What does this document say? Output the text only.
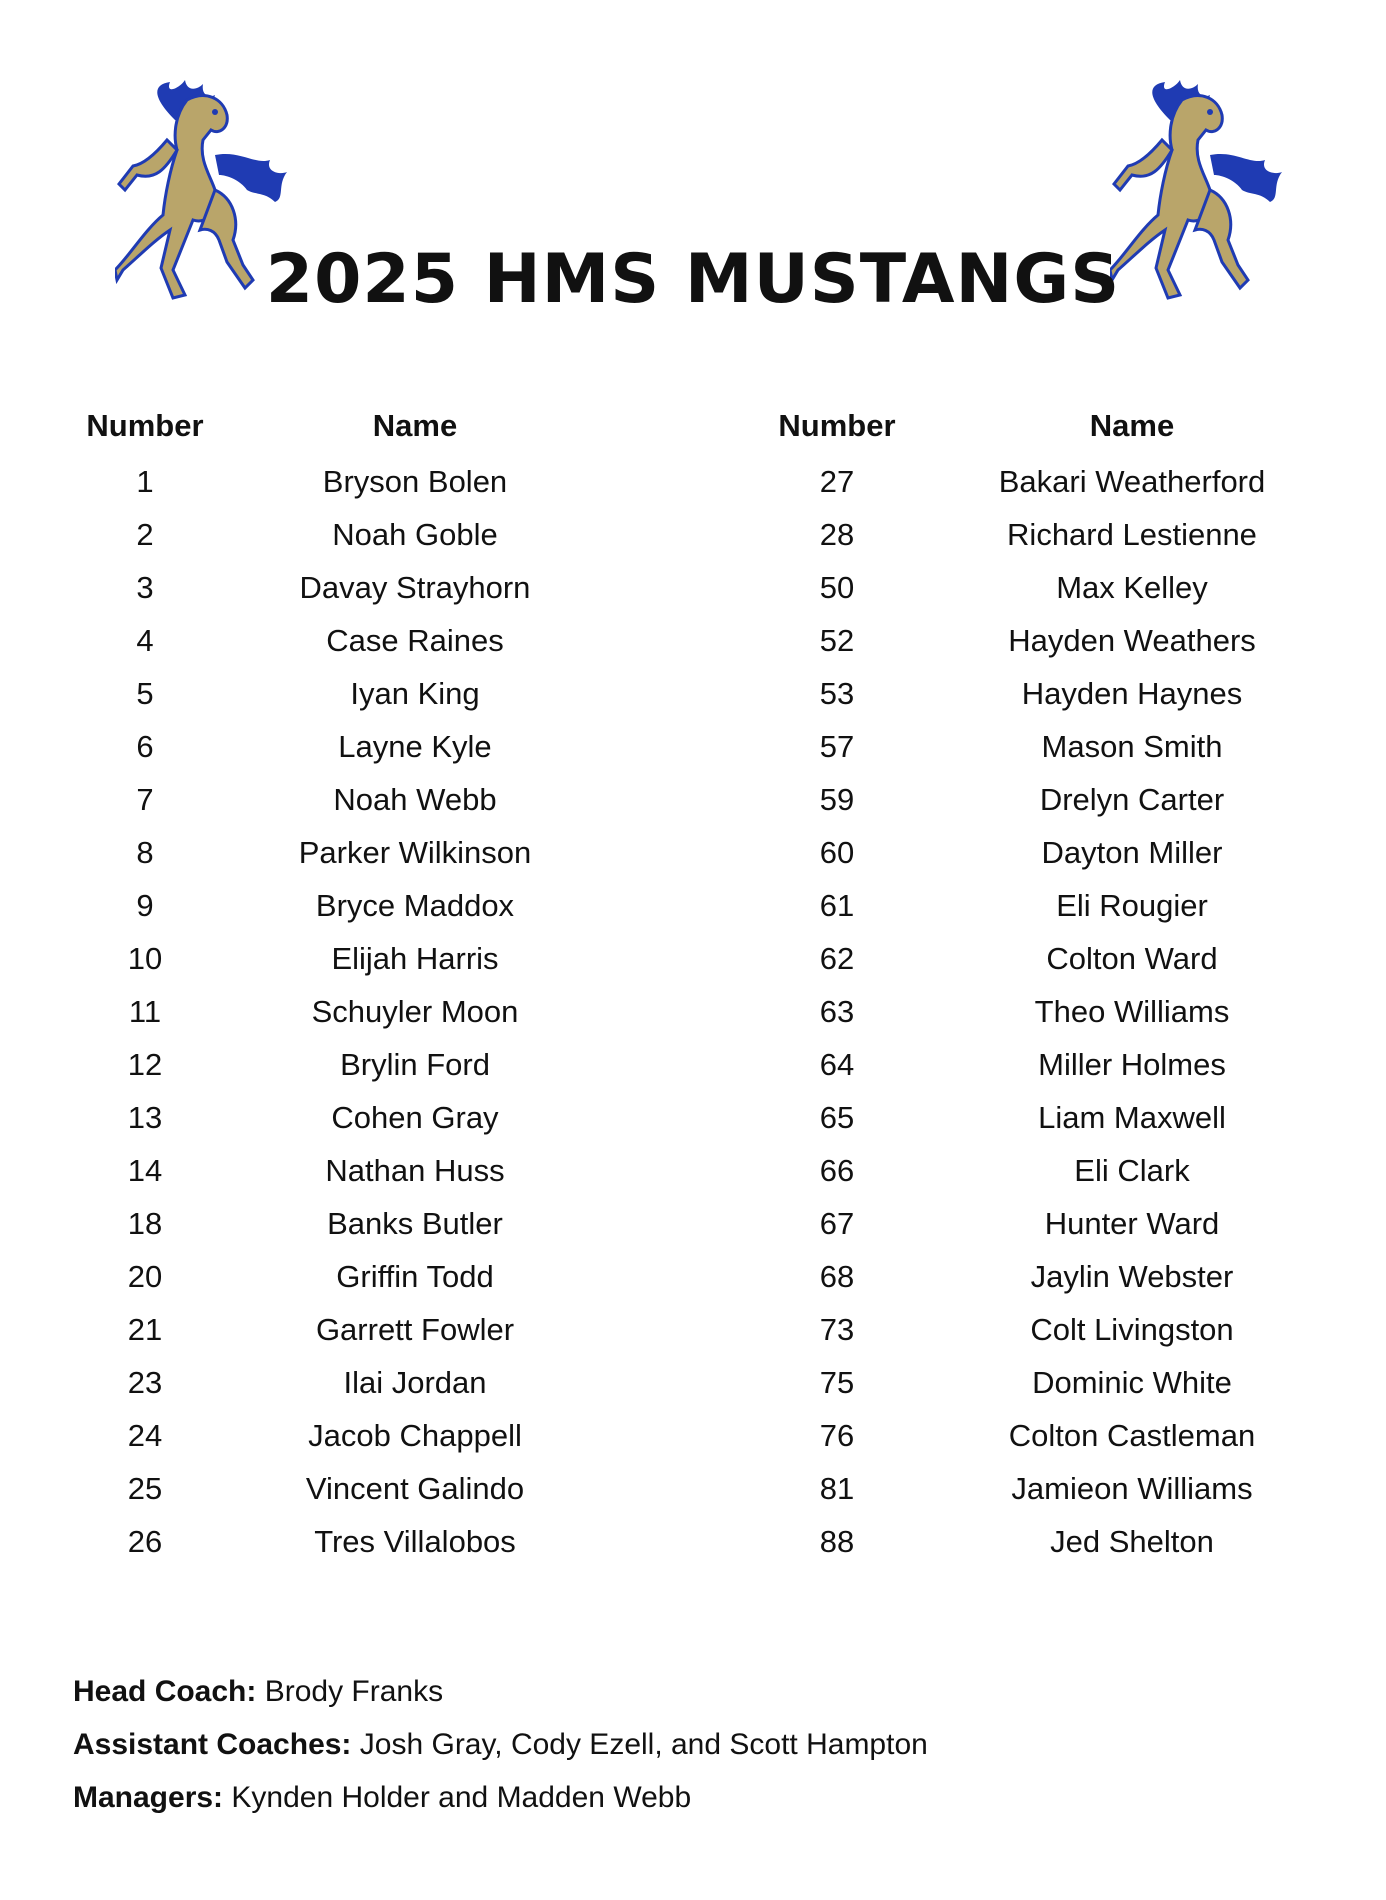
2025 HMS MUSTANGS
Number	Name
1	Bryson Bolen
2	Noah Goble
3	Davay Strayhorn
4	Case Raines
5	Iyan King
6	Layne Kyle
7	Noah Webb
8	Parker Wilkinson
9	Bryce Maddox
10	Elijah Harris
11	Schuyler Moon
12	Brylin Ford
13	Cohen Gray
14	Nathan Huss
18	Banks Butler
20	Griffin Todd
21	Garrett Fowler
23	Ilai Jordan
24	Jacob Chappell
25	Vincent Galindo
26	Tres Villalobos
Number	Name
27	Bakari Weatherford
28	Richard Lestienne
50	Max Kelley
52	Hayden Weathers
53	Hayden Haynes
57	Mason Smith
59	Drelyn Carter
60	Dayton Miller
61	Eli Rougier
62	Colton Ward
63	Theo Williams
64	Miller Holmes
65	Liam Maxwell
66	Eli Clark
67	Hunter Ward
68	Jaylin Webster
73	Colt Livingston
75	Dominic White
76	Colton Castleman
81	Jamieon Williams
88	Jed Shelton
Head Coach: Brody Franks
Assistant Coaches: Josh Gray, Cody Ezell, and Scott Hampton
Managers: Kynden Holder and Madden Webb
